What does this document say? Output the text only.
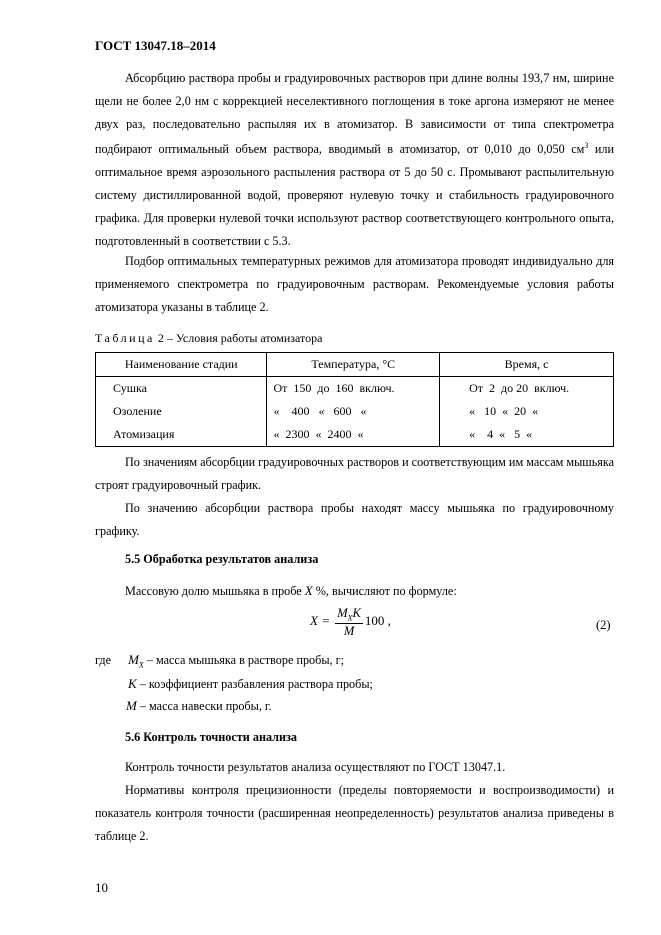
ГОСТ 13047.18–2014

Абсорбцию раствора пробы и градуировочных растворов при длине волны 193,7 нм, ширине щели не более 2,0 нм с коррекцией неселективного поглощения в токе аргона измеряют не менее двух раз, последовательно распыляя их в атомизатор. В зависимости от типа спектрометра подбирают оптимальный объем раствора, вводимый в атомизатор, от 0,010 до 0,050 $см^3$ или оптимальное время аэрозольного распыления раствора от 5 до 50 с. Промывают распылительную систему дистиллированной водой, проверяют нулевую точку и стабильность градуировочного графика. Для проверки нулевой точки используют раствор соответствующего контрольного опыта, подготовленный в соответствии с 5.3.

Подбор оптимальных температурных режимов для атомизатора проводят индивидуально для применяемого спектрометра по градуировочным растворам. Рекомендуемые условия работы атомизатора указаны в таблице 2.

Таблица 2 – Условия работы атомизатора
Наименование стадии	Температура, °С	Время, с
Сушка	От  150  до  160  включ.	От  2  до 20  включ.
Озоление	«    400   «   600   «	«   10  «  20  «
Атомизация	«  2300  «  2400  «	«    4  «   5  «

По значениям абсорбции градуировочных растворов и соответствующим им массам мышьяка строят градуировочный график.

По значению абсорбции раствора пробы находят массу мышьяка по градуировочному графику.

5.5 Обработка результатов анализа
Массовую долю мышьяка в пробе X %, вычисляют по формуле:
$X = \frac{M_XK}{M} 100$ ,	(2)
где $M_X$ – масса мышьяка в растворе пробы, г;
K – коэффициент разбавления раствора пробы;
M – масса навески пробы, г.
5.6 Контроль точности анализа
Контроль точности результатов анализа осуществляют по ГОСТ 13047.1.

Нормативы контроля прецизионности (пределы повторяемости и воспроизводимости) и показатель контроля точности (расширенная неопределенность) результатов анализа приведены в таблице 2.

10
